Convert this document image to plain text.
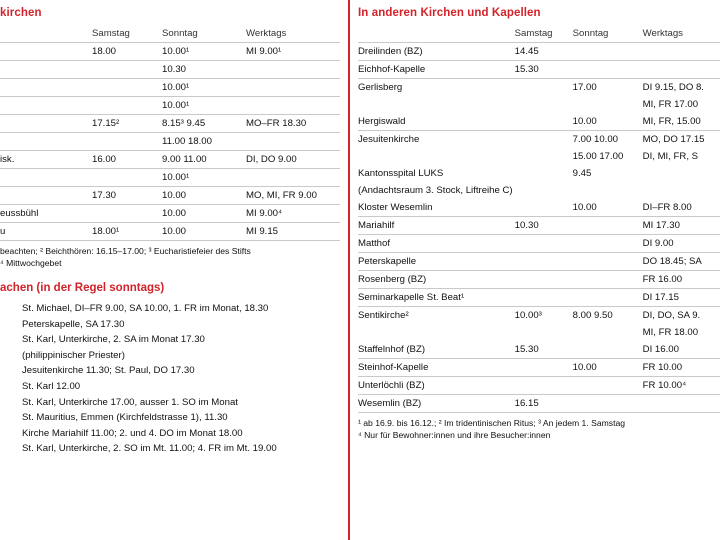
kirchen
	Samstag	Sonntag	Werktags
	18.00	10.00¹	MI 9.00¹
		10.30	
		10.00¹	
		10.00¹	
	17.15²	8.15³ 9.45	MO–FR 18.30
		11.00 18.00	
isk.	16.00	9.00 11.00	DI, DO 9.00
		10.00¹	
	17.30	10.00	MO, MI, FR 9.00
eussbühl		10.00	MI 9.00⁴
u	18.00¹	10.00	MI 9.15
beachten; ² Beichthören: 16.15–17.00; ³ Eucharistiefeier des Stifts
⁴ Mittwochgebet
achen (in der Regel sonntags)
St. Michael, DI–FR 9.00, SA 10.00, 1. FR im Monat, 18.30
Peterskapelle, SA 17.30
St. Karl, Unterkirche, 2. SA im Monat 17.30
(philippinischer Priester)
Jesuitenkirche 11.30; St. Paul, DO 17.30
St. Karl 12.00
St. Karl, Unterkirche 17.00, ausser 1. SO im Monat
St. Mauritius, Emmen (Kirchfeldstrasse 1), 11.30
Kirche Mariahilf 11.00; 2. und 4. DO im Monat 18.00
St. Karl, Unterkirche, 2. SO im Mt. 11.00; 4. FR im Mt. 19.00
In anderen Kirchen und Kapellen
	Samstag	Sonntag	Werktags
Dreilinden (BZ)	14.45		
Eichhof-Kapelle	15.30		
Gerlisberg		17.00	DI 9.15, DO 8.
			MI, FR 17.00
Hergiswald		10.00	MI, FR, 15.00
Jesuitenkirche		7.00 10.00	MO, DO 17.15
		15.00 17.00	DI, MI, FR, S
Kantonsspital LUKS		9.45	
(Andachtsraum 3. Stock, Liftreihe C)			
Kloster Wesemlin		10.00	DI–FR 8.00
Mariahilf	10.30		MI 17.30
Matthof			DI 9.00
Peterskapelle			DO 18.45; SA
Rosenberg (BZ)			FR 16.00
Seminarkapelle St. Beat¹			DI 17.15
Sentikirche²	10.00³	8.00 9.50	DI, DO, SA 9.
			MI, FR 18.00
Staffelnhof (BZ)	15.30		DI 16.00
Steinhof-Kapelle		10.00	FR 10.00
Unterlöchli (BZ)			FR 10.00⁴
Wesemlin (BZ)	16.15		
¹ ab 16.9. bis 16.12.; ² Im tridentinischen Ritus; ³ An jedem 1. Samstag
⁴ Nur für Bewohner:innen und ihre Besucher:innen
